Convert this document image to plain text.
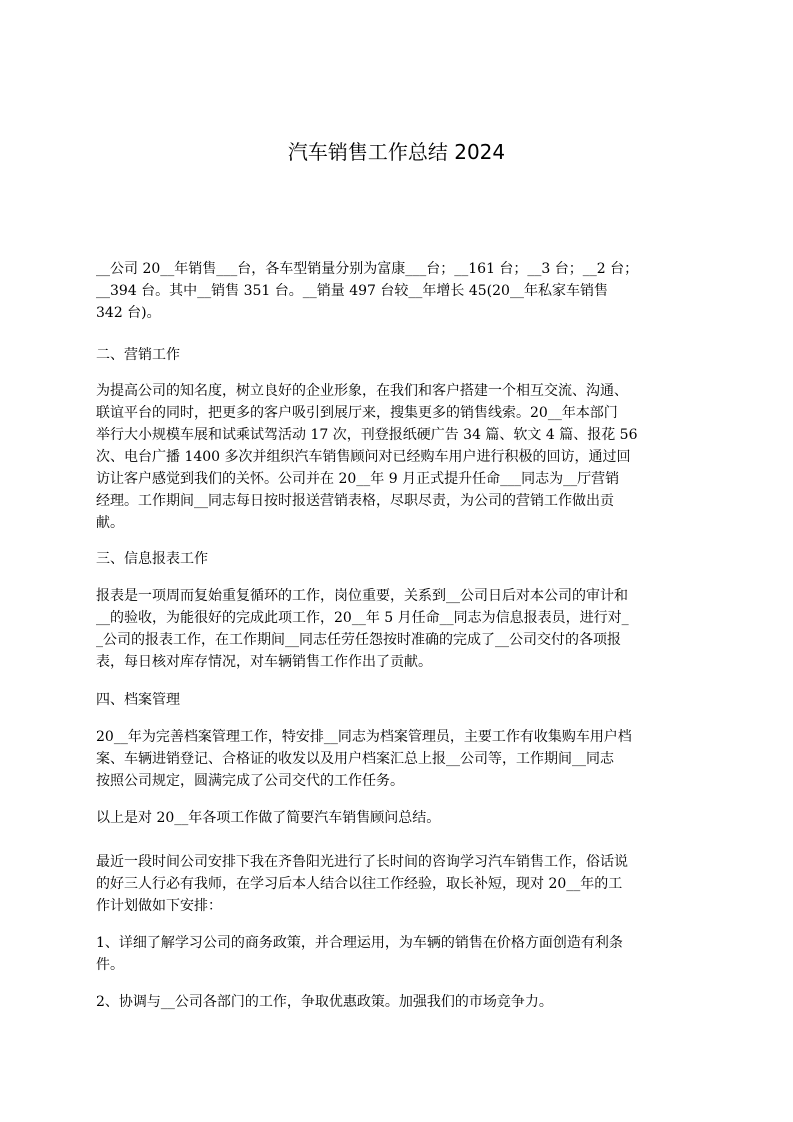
汽车销售工作总结 2024

__公司 20__年销售___台，各车型销量分别为富康___台；__161 台；__3 台；__2 台；
__394 台。其中__销售 351 台。__销量 497 台较__年增长 45(20__年私家车销售
342 台)。

二、营销工作

为提高公司的知名度，树立良好的企业形象，在我们和客户搭建一个相互交流、沟通、
联谊平台的同时，把更多的客户吸引到展厅来，搜集更多的销售线索。20__年本部门
举行大小规模车展和试乘试驾活动 17 次，刊登报纸硬广告 34 篇、软文 4 篇、报花 56
次、电台广播 1400 多次并组织汽车销售顾问对已经购车用户进行积极的回访，通过回
访让客户感觉到我们的关怀。公司并在 20__年 9 月正式提升任命___同志为__厅营销
经理。工作期间__同志每日按时报送营销表格，尽职尽责，为公司的营销工作做出贡
献。

三、信息报表工作

报表是一项周而复始重复循环的工作，岗位重要，关系到__公司日后对本公司的审计和
__的验收，为能很好的完成此项工作，20__年 5 月任命__同志为信息报表员，进行对_
_公司的报表工作，在工作期间__同志任劳任怨按时准确的完成了__公司交付的各项报
表，每日核对库存情况，对车辆销售工作作出了贡献。

四、档案管理

20__年为完善档案管理工作，特安排__同志为档案管理员，主要工作有收集购车用户档
案、车辆进销登记、合格证的收发以及用户档案汇总上报__公司等，工作期间__同志
按照公司规定，圆满完成了公司交代的工作任务。

以上是对 20__年各项工作做了简要汽车销售顾问总结。

最近一段时间公司安排下我在齐鲁阳光进行了长时间的咨询学习汽车销售工作，俗话说
的好三人行必有我师，在学习后本人结合以往工作经验，取长补短，现对 20__年的工
作计划做如下安排：

1、详细了解学习公司的商务政策，并合理运用，为车辆的销售在价格方面创造有利条
件。

2、协调与__公司各部门的工作，争取优惠政策。加强我们的市场竞争力。
